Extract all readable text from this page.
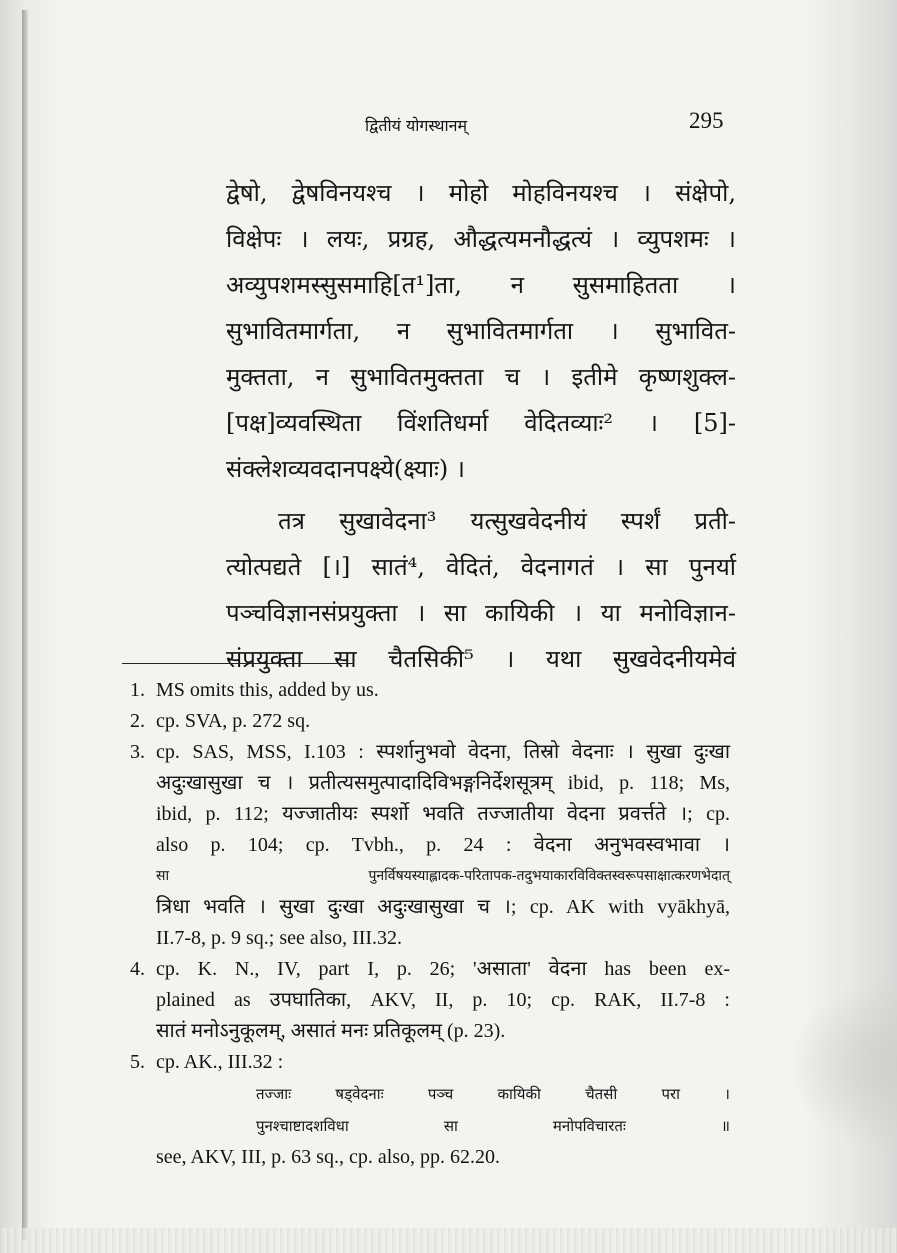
द्वितीयं योगस्थानम्	295
द्वेषो, द्वेषविनयश्च । मोहो मोहविनयश्च । संक्षेपो,
विक्षेपः । लयः, प्रग्रह, औद्धत्यमनौद्धत्यं । व्युपशमः ।
अव्युपशमस्सुसमाहि[त¹]ता, न सुसमाहितता ।
सुभावितमार्गता, न सुभावितमार्गता । सुभावित-
मुक्तता, न सुभावितमुक्तता च । इतीमे कृष्णशुक्ल-
[पक्ष]व्यवस्थिता विंशतिधर्मा वेदितव्याः² । [5]-
संक्लेशव्यवदानपक्ष्ये(क्ष्याः) ।
तत्र सुखावेदना³ यत्सुखवेदनीयं स्पर्शं प्रती-
त्योत्पद्यते [।] सातं⁴, वेदितं, वेदनागतं । सा पुनर्या
पञ्चविज्ञानसंप्रयुक्ता । सा कायिकी । या मनोविज्ञान-
संप्रयुक्ता सा चैतसिकी⁵ । यथा सुखवेदनीयमेवं
1. MS omits this, added by us.
2. cp. SVA, p. 272 sq.
3. cp. SAS, MSS, I.103 : स्पर्शानुभवो वेदना, तिस्रो वेदनाः । सुखा दुःखा
अदुःखासुखा च । प्रतीत्यसमुत्पादादिविभङ्गनिर्देशसूत्रम् ibid, p. 118; Ms,
ibid, p. 112; यज्जातीयः स्पर्शो भवति तज्जातीया वेदना प्रवर्त्तते ।; cp.
also p. 104; cp. Tvbh., p. 24 : वेदना अनुभवस्वभावा ।
सा पुनर्विषयस्याह्लादक-परितापक-तदुभयाकारविविक्तस्वरूपसाक्षात्करणभेदात्
त्रिधा भवति । सुखा दुःखा अदुःखासुखा च ।; cp. AK with vyākhyā,
II.7-8, p. 9 sq.; see also, III.32.
4. cp. K. N., IV, part I, p. 26; 'असाता' वेदना has been ex-
plained as उपघातिका, AKV, II, p. 10; cp. RAK, II.7-8 :
सातं मनोऽनुकूलम्, असातं मनः प्रतिकूलम् (p. 23).
5. cp. AK., III.32 :
तज्जाः षड्वेदनाः पञ्च कायिकी चैतसी परा ।
पुनश्चाष्टादशविधा सा मनोपविचारतः ॥
see, AKV, III, p. 63 sq., cp. also, pp. 62.20.
